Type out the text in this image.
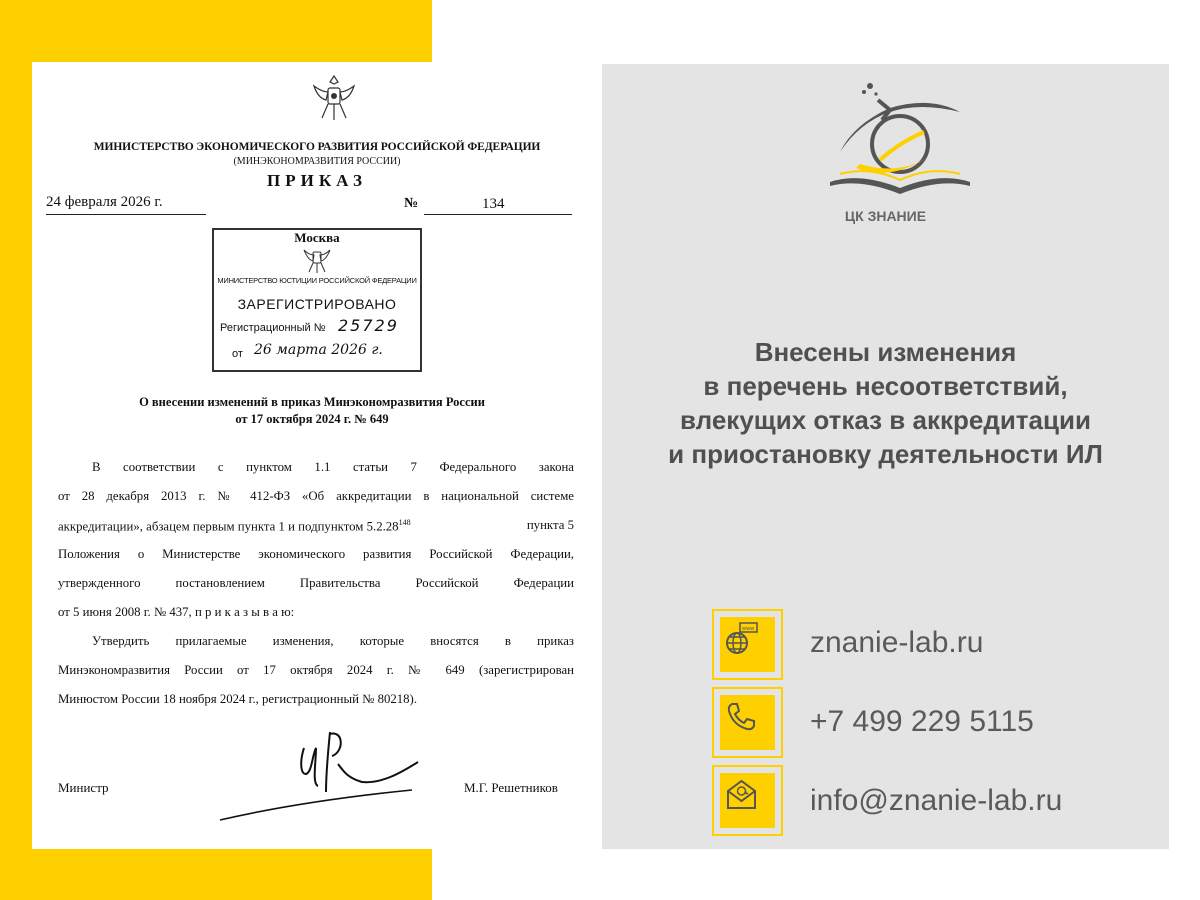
МИНИСТЕРСТВО ЭКОНОМИЧЕСКОГО РАЗВИТИЯ РОССИЙСКОЙ ФЕДЕРАЦИИ
(МИНЭКОНОМРАЗВИТИЯ РОССИИ)
ПРИКАЗ
24 февраля 2026 г.	№	134
Москва
МИНИСТЕРСТВО ЮСТИЦИИ РОССИЙСКОЙ ФЕДЕРАЦИИ
ЗАРЕГИСТРИРОВАНО
Регистрационный № 25729
от 26 марта 2026 г.
О внесении изменений в приказ Минэкономразвития России
от 17 октября 2024 г. № 649
В соответствии с пунктом 1.1 статьи 7 Федерального закона
от 28 декабря 2013 г. № 412-ФЗ «Об аккредитации в национальной системе
аккредитации», абзацем первым пункта 1 и подпунктом 5.2.28$^{148}$	пункта 5
Положения о Министерстве экономического развития Российской Федерации,
утвержденного постановлением Правительства Российской Федерации
от 5 июня 2008 г. № 437, п р и к а з ы в а ю:
Утвердить прилагаемые изменения, которые вносятся в приказ
Минэкономразвития России от 17 октября 2024 г. № 649 (зарегистрирован
Минюстом России 18 ноября 2024 г., регистрационный № 80218).
Министр	М.Г. Решетников
ЦК ЗНАНИЕ
Внесены изменения
в перечень несоответствий,
влекущих отказ в аккредитации
и приостановку деятельности ИЛ
www znanie-lab.ru
+7 499 229 5115
info@znanie-lab.ru
